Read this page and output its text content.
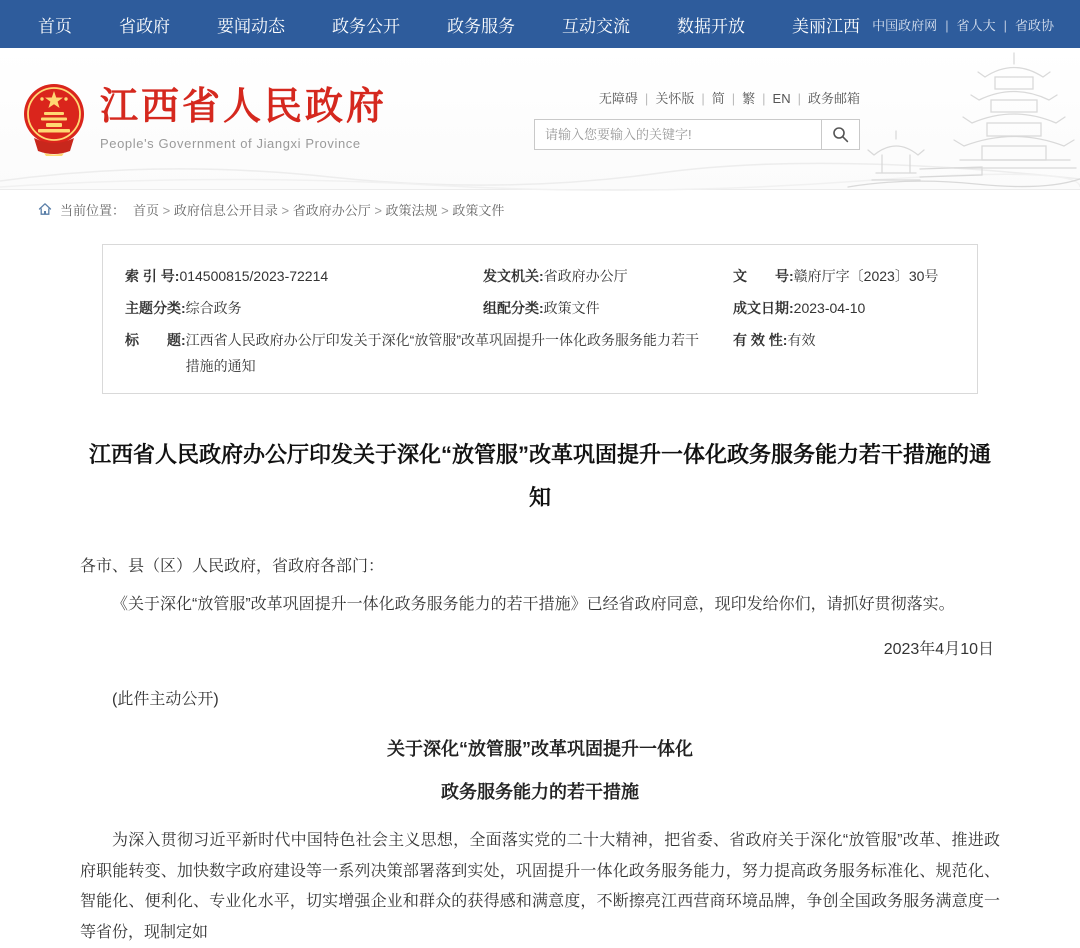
首页	省政府	要闻动态	政务公开	政务服务	互动交流	数据开放	美丽江西 中国政府网 |	省人大 |	省政协
江西省人民政府
People's Government of Jiangxi Province
无障碍 | 关怀版 | 简 | 繁 | EN | 政务邮箱
请输入您要输入的关键字!
当前位置： 首页 > 政府信息公开目录 > 省政府办公厅 > 政策法规 > 政策文件
索 引 号: 014500815/2023-72214	发文机关: 省政府办公厅	文　　号: 赣府厅字〔2023〕30号
主题分类: 综合政务	组配分类: 政策文件	成文日期: 2023-04-10
标　　题: 江西省人民政府办公厅印发关于深化“放管服”改革巩固提升一体化政务服务能力若干措施的通知
有 效 性: 有效
江西省人民政府办公厅印发关于深化“放管服”改革巩固提升一体化政务服务能力若干措施的通知

各市、县（区）人民政府，省政府各部门：

《关于深化“放管服”改革巩固提升一体化政务服务能力的若干措施》已经省政府同意，现印发给你们，请抓好贯彻落实。

2023年4月10日

(此件主动公开)

关于深化“放管服”改革巩固提升一体化
政务服务能力的若干措施

为深入贯彻习近平新时代中国特色社会主义思想，全面落实党的二十大精神，把省委、省政府关于深化“放管服”改革、推进政府职能转变、加快数字政府建设等一系列决策部署落到实处，巩固提升一体化政务服务能力，努力提高政务服务标准化、规范化、智能化、便利化、专业化水平，切实增强企业和群众的获得感和满意度，不断擦亮江西营商环境品牌，争创全国政务服务满意度一等省份，现制定如
